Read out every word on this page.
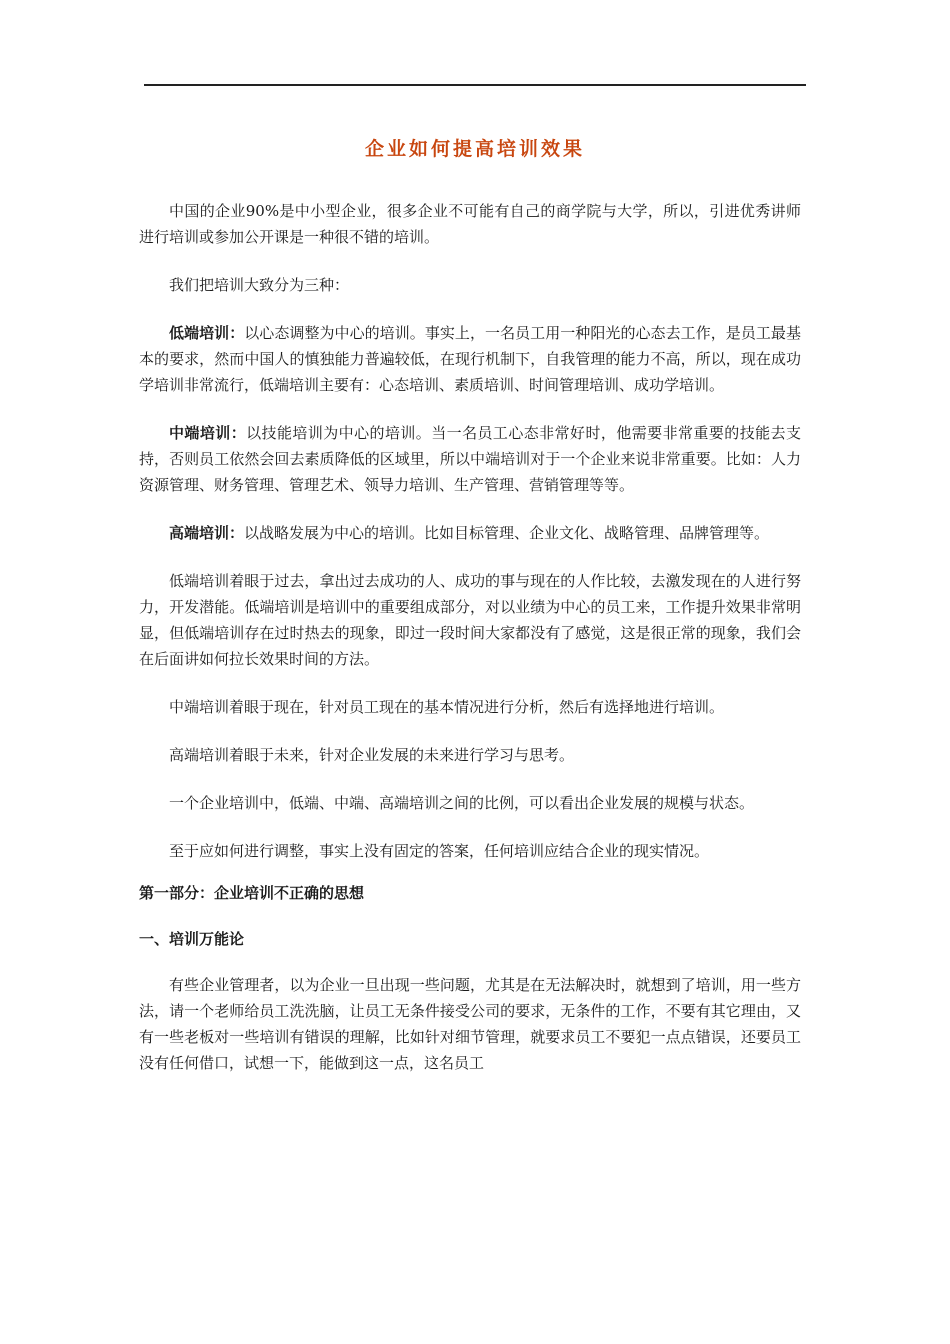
企业如何提高培训效果

中国的企业90%是中小型企业，很多企业不可能有自己的商学院与大学，所以，引进优秀讲师进行培训或参加公开课是一种很不错的培训。

我们把培训大致分为三种：

低端培训：以心态调整为中心的培训。事实上，一名员工用一种阳光的心态去工作，是员工最基本的要求，然而中国人的慎独能力普遍较低，在现行机制下，自我管理的能力不高，所以，现在成功学培训非常流行，低端培训主要有：心态培训、素质培训、时间管理培训、成功学培训。

中端培训：以技能培训为中心的培训。当一名员工心态非常好时，他需要非常重要的技能去支持，否则员工依然会回去素质降低的区域里，所以中端培训对于一个企业来说非常重要。比如：人力资源管理、财务管理、管理艺术、领导力培训、生产管理、营销管理等等。

高端培训：以战略发展为中心的培训。比如目标管理、企业文化、战略管理、品牌管理等。

低端培训着眼于过去，拿出过去成功的人、成功的事与现在的人作比较，去激发现在的人进行努力，开发潜能。低端培训是培训中的重要组成部分，对以业绩为中心的员工来，工作提升效果非常明显，但低端培训存在过时热去的现象，即过一段时间大家都没有了感觉，这是很正常的现象，我们会在后面讲如何拉长效果时间的方法。

中端培训着眼于现在，针对员工现在的基本情况进行分析，然后有选择地进行培训。

高端培训着眼于未来，针对企业发展的未来进行学习与思考。

一个企业培训中，低端、中端、高端培训之间的比例，可以看出企业发展的规模与状态。

至于应如何进行调整，事实上没有固定的答案，任何培训应结合企业的现实情况。

第一部分：企业培训不正确的思想
一、培训万能论

有些企业管理者，以为企业一旦出现一些问题，尤其是在无法解决时，就想到了培训，用一些方法，请一个老师给员工洗洗脑，让员工无条件接受公司的要求，无条件的工作，不要有其它理由，又有一些老板对一些培训有错误的理解，比如针对细节管理，就要求员工不要犯一点点错误，还要员工没有任何借口，试想一下，能做到这一点，这名员工
